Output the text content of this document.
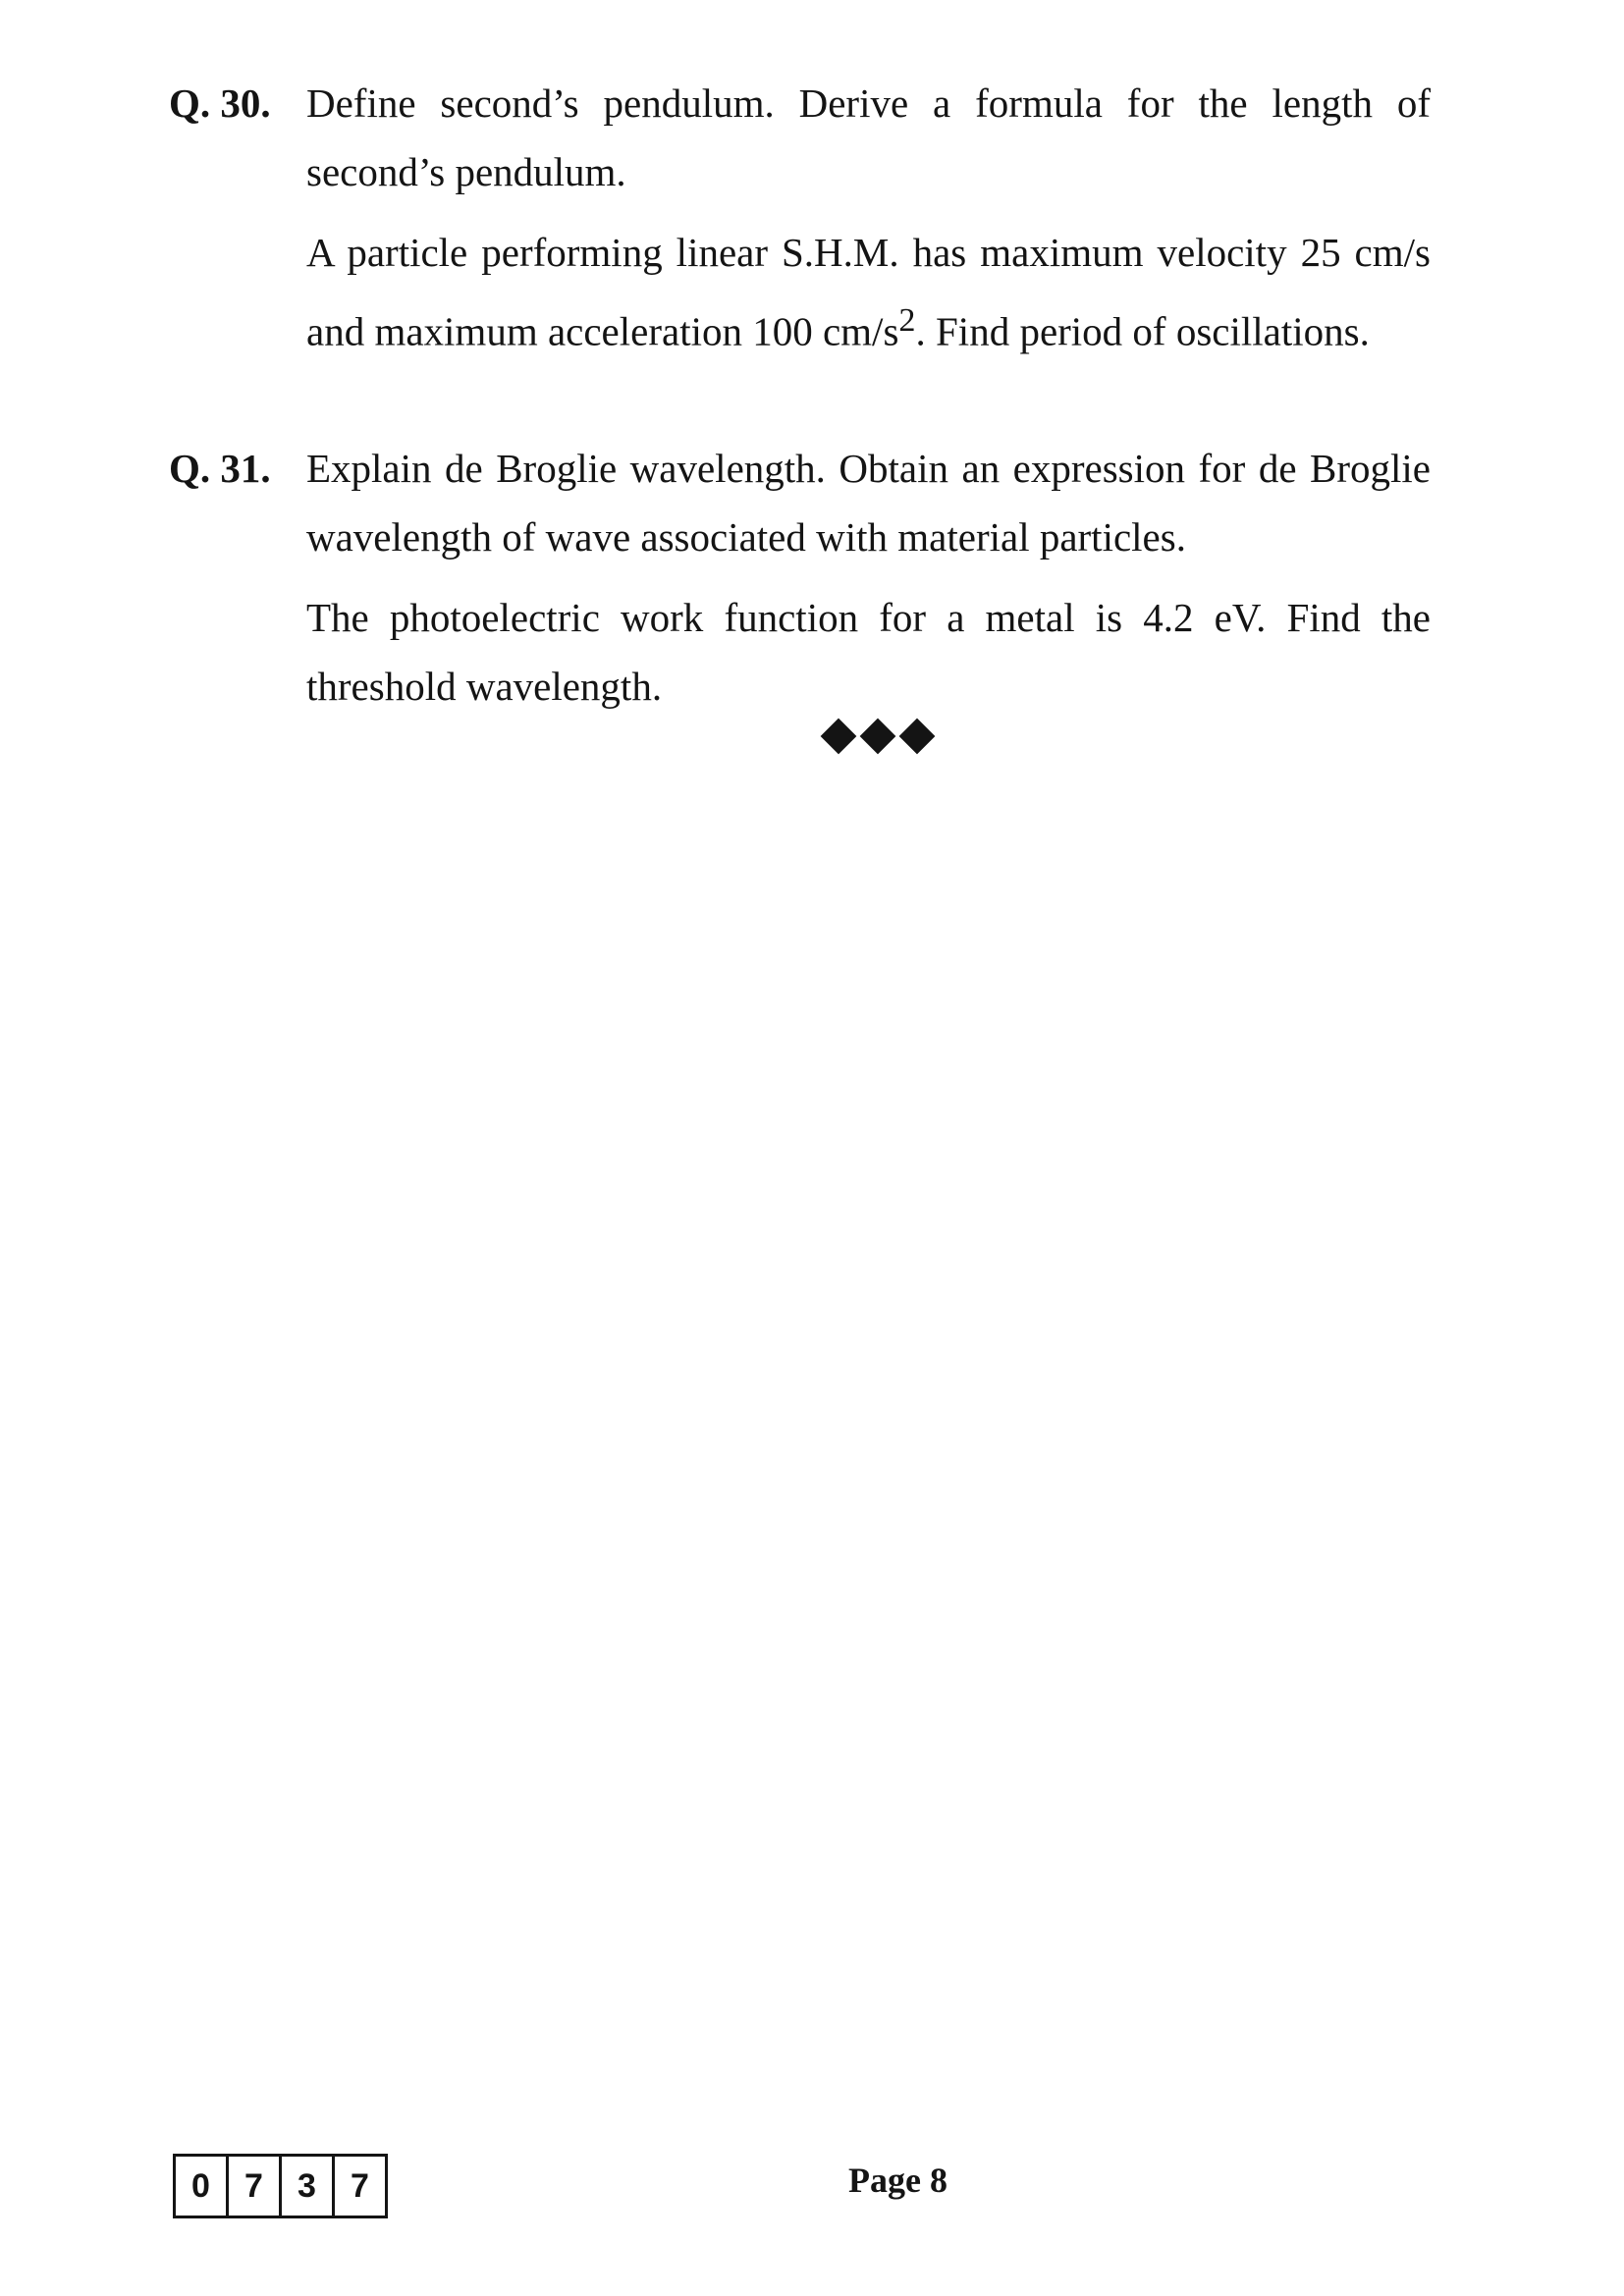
Q. 30. Define second’s pendulum. Derive a formula for the length of second’s pendulum.

A particle performing linear S.H.M. has maximum velocity 25 cm/s and maximum acceleration 100 $cm/s^2$. Find period of oscillations.

Q. 31. Explain de Broglie wavelength. Obtain an expression for de Broglie wavelength of wave associated with material particles.

The photoelectric work function for a metal is 4.2 eV. Find the threshold wavelength.

0	7	3	7	Page 8
